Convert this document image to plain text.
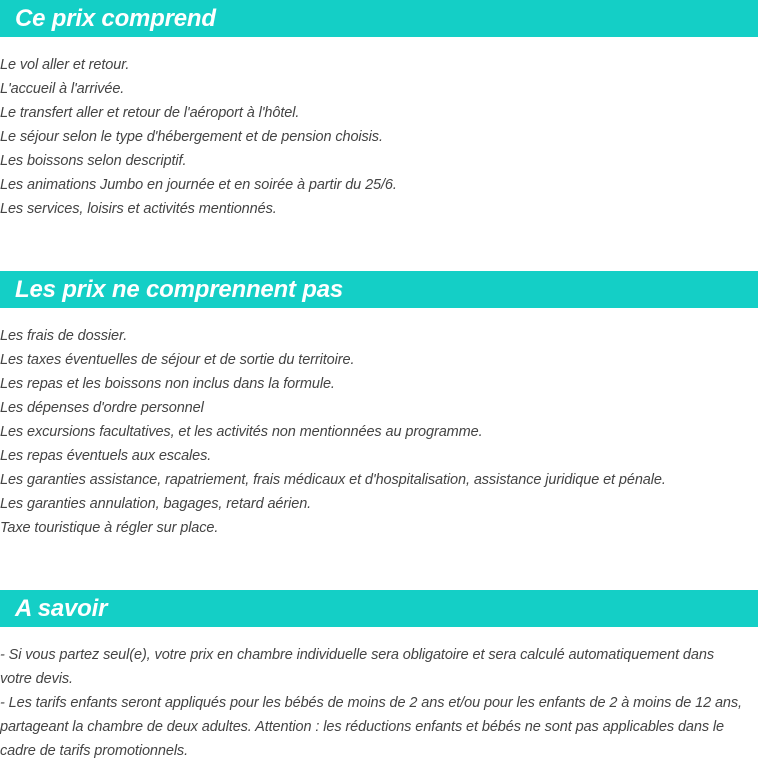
Ce prix comprend
Le vol aller et retour.
L'accueil à l'arrivée.
Le transfert aller et retour de l'aéroport à l'hôtel.
Le séjour selon le type d'hébergement et de pension choisis.
Les boissons selon descriptif.
Les animations Jumbo en journée et en soirée à partir du 25/6.
Les services, loisirs et activités mentionnés.
Les prix ne comprennent pas
Les frais de dossier.
Les taxes éventuelles de séjour et de sortie du territoire.
Les repas et les boissons non inclus dans la formule.
Les dépenses d'ordre personnel
Les excursions facultatives, et les activités non mentionnées au programme.
Les repas éventuels aux escales.
Les garanties assistance, rapatriement, frais médicaux et d'hospitalisation, assistance juridique et pénale.
Les garanties annulation, bagages, retard aérien.
Taxe touristique à régler sur place.
A savoir

- Si vous partez seul(e), votre prix en chambre individuelle sera obligatoire et sera calculé automatiquement dans votre devis.

- Les tarifs enfants seront appliqués pour les bébés de moins de 2 ans et/ou pour les enfants de 2 à moins de 12 ans, partageant la chambre de deux adultes. Attention : les réductions enfants et bébés ne sont pas applicables dans le cadre de tarifs promotionnels.
